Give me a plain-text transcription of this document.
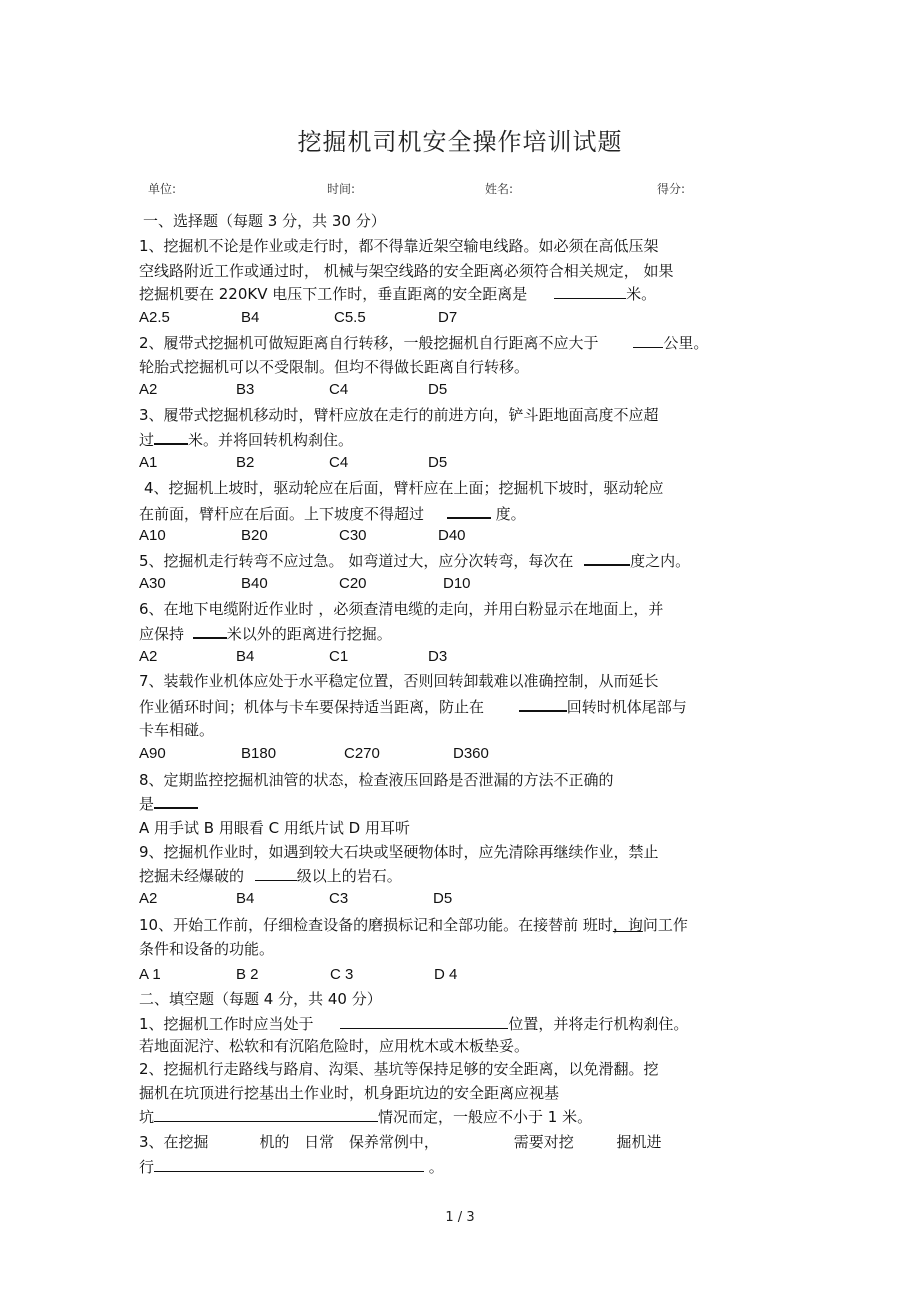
挖掘机司机安全操作培训试题
单位:	时间:	姓名:	得分:
一、选择题（每题 3 分，共 30 分）
1、挖掘机不论是作业或走行时，都不得靠近架空输电线路。如必须在高低压架
空线路附近工作或通过时， 机械与架空线路的安全距离必须符合相关规定， 如果
挖掘机要在 220KV 电压下工作时，垂直距离的安全距离是	米。
A2.5	B4	C5.5	D7
2、履带式挖掘机可做短距离自行转移，一般挖掘机自行距离不应大于	公里。
轮胎式挖掘机可以不受限制。但均不得做长距离自行转移。
A2	B3	C4	D5
3、履带式挖掘机移动时，臂杆应放在走行的前进方向，铲斗距地面高度不应超
过 米。并将回转机构刹住。
A1	B2	C4	D5
4、挖掘机上坡时，驱动轮应在后面，臂杆应在上面；挖掘机下坡时，驱动轮应
在前面，臂杆应在后面。上下坡度不得超过	度。
A10	B20	C30	D40
5、挖掘机走行转弯不应过急。 如弯道过大，应分次转弯，每次在	度之内。
A30	B40	C20	D10
6、在地下电缆附近作业时 ，必须查清电缆的走向，并用白粉显示在地面上，并
应保持	米以外的距离进行挖掘。
A2	B4	C1	D3
7、装载作业机体应处于水平稳定位置，否则回转卸载难以准确控制，从而延长
作业循环时间；机体与卡车要保持适当距离，防止在	回转时机体尾部与
卡车相碰。
A90	B180	C270	D360
8、定期监控挖掘机油管的状态，检查液压回路是否泄漏的方法不正确的
是
A 用手试 B 用眼看 C 用纸片试 D 用耳听
9、挖掘机作业时，如遇到较大石块或坚硬物体时，应先清除再继续作业，禁止
挖掘未经爆破的	级以上的岩石。
A2	B4	C3	D5
10、开始工作前，仔细检查设备的磨损标记和全部功能。在接替前 班时，询问工作
条件和设备的功能。
A 1	B 2	C 3	D 4
二、填空题（每题 4 分，共 40 分）
1、挖掘机工作时应当处于	位置，并将走行机构刹住。
若地面泥泞、松软和有沉陷危险时，应用枕木或木板垫妥。
2、挖掘机行走路线与路肩、沟渠、基坑等保持足够的安全距离，以免滑翻。挖
掘机在坑顶进行挖基出土作业时，机身距坑边的安全距离应视基
坑	情况而定，一般应不小于 1 米。
3、在挖掘	机的 日常 保养常例中，	需要对挖	掘机进
行	。
1 / 3
